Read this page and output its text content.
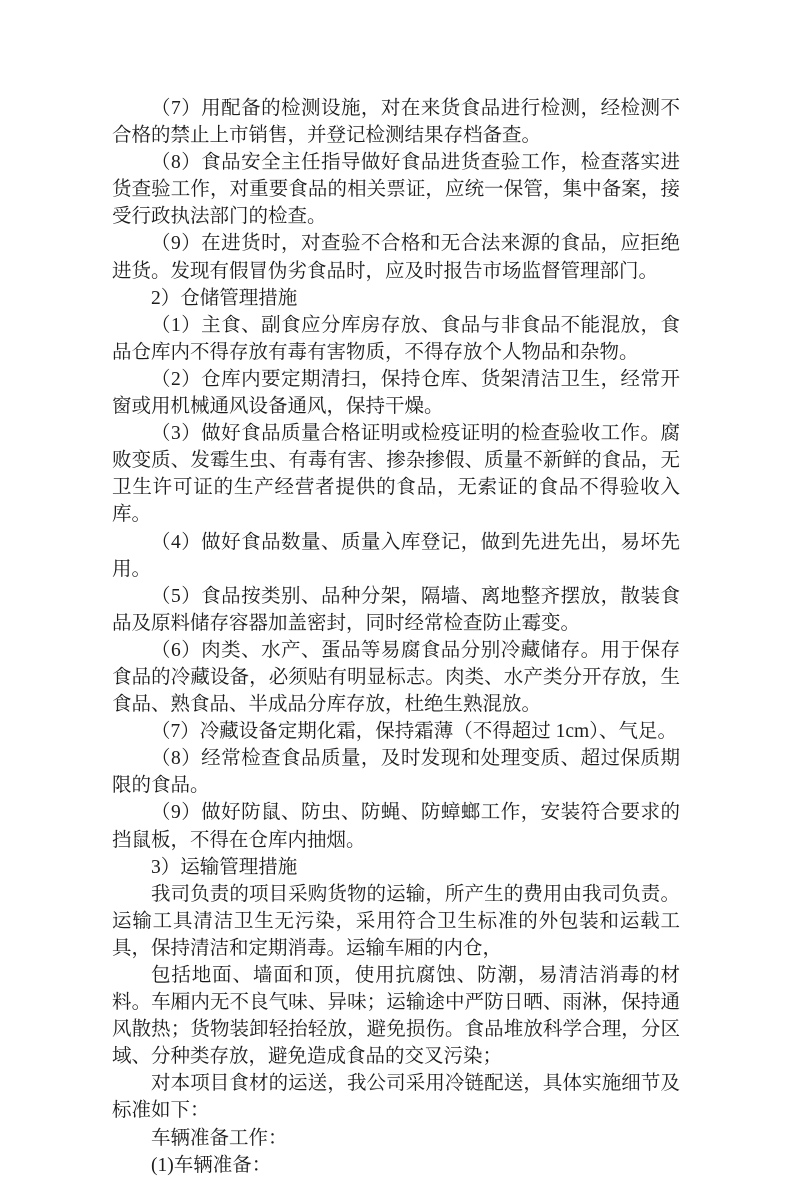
（7）用配备的检测设施，对在来货食品进行检测，经检测不合格的禁止上市销售，并登记检测结果存档备查。

（8）食品安全主任指导做好食品进货查验工作，检查落实进货查验工作，对重要食品的相关票证，应统一保管，集中备案，接受行政执法部门的检查。

（9）在进货时，对查验不合格和无合法来源的食品，应拒绝进货。发现有假冒伪劣食品时，应及时报告市场监督管理部门。

2）仓储管理措施

（1）主食、副食应分库房存放、食品与非食品不能混放，食品仓库内不得存放有毒有害物质，不得存放个人物品和杂物。

（2）仓库内要定期清扫，保持仓库、货架清洁卫生，经常开窗或用机械通风设备通风，保持干燥。

（3）做好食品质量合格证明或检疫证明的检查验收工作。腐败变质、发霉生虫、有毒有害、掺杂掺假、质量不新鲜的食品，无卫生许可证的生产经营者提供的食品，无索证的食品不得验收入库。

（4）做好食品数量、质量入库登记，做到先进先出，易坏先用。

（5）食品按类别、品种分架，隔墙、离地整齐摆放，散装食品及原料储存容器加盖密封，同时经常检查防止霉变。

（6）肉类、水产、蛋品等易腐食品分别冷藏储存。用于保存食品的冷藏设备，必须贴有明显标志。肉类、水产类分开存放，生食品、熟食品、半成品分库存放，杜绝生熟混放。

（7）冷藏设备定期化霜，保持霜薄（不得超过 1cm）、气足。

（8）经常检查食品质量，及时发现和处理变质、超过保质期限的食品。

（9）做好防鼠、防虫、防蝇、防蟑螂工作，安装符合要求的挡鼠板，不得在仓库内抽烟。

3）运输管理措施

我司负责的项目采购货物的运输，所产生的费用由我司负责。运输工具清洁卫生无污染，采用符合卫生标准的外包装和运载工具，保持清洁和定期消毒。运输车厢的内仓，

包括地面、墙面和顶，使用抗腐蚀、防潮，易清洁消毒的材料。车厢内无不良气味、异味；运输途中严防日晒、雨淋，保持通风散热；货物装卸轻抬轻放，避免损伤。食品堆放科学合理，分区域、分种类存放，避免造成食品的交叉污染；

对本项目食材的运送，我公司采用冷链配送，具体实施细节及标准如下：

车辆准备工作：

(1)车辆准备：
